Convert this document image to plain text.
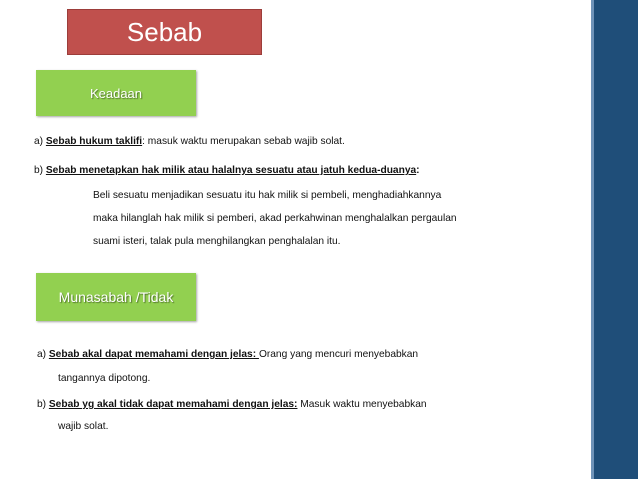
Sebab
Keadaan
a) Sebab hukum taklifi: masuk waktu merupakan sebab wajib solat.
b) Sebab menetapkan hak milik atau halalnya sesuatu atau jatuh kedua-duanya:
Beli sesuatu menjadikan sesuatu itu hak milik si pembeli, menghadiahkannya
maka hilanglah hak milik si pemberi, akad perkahwinan menghalalkan pergaulan
suami isteri, talak pula menghilangkan penghalalan itu.
Munasabah /Tidak
a) Sebab akal dapat memahami dengan jelas: Orang yang mencuri menyebabkan
tangannya dipotong.
b) Sebab yg akal tidak dapat memahami dengan jelas: Masuk waktu menyebabkan
wajib solat.
